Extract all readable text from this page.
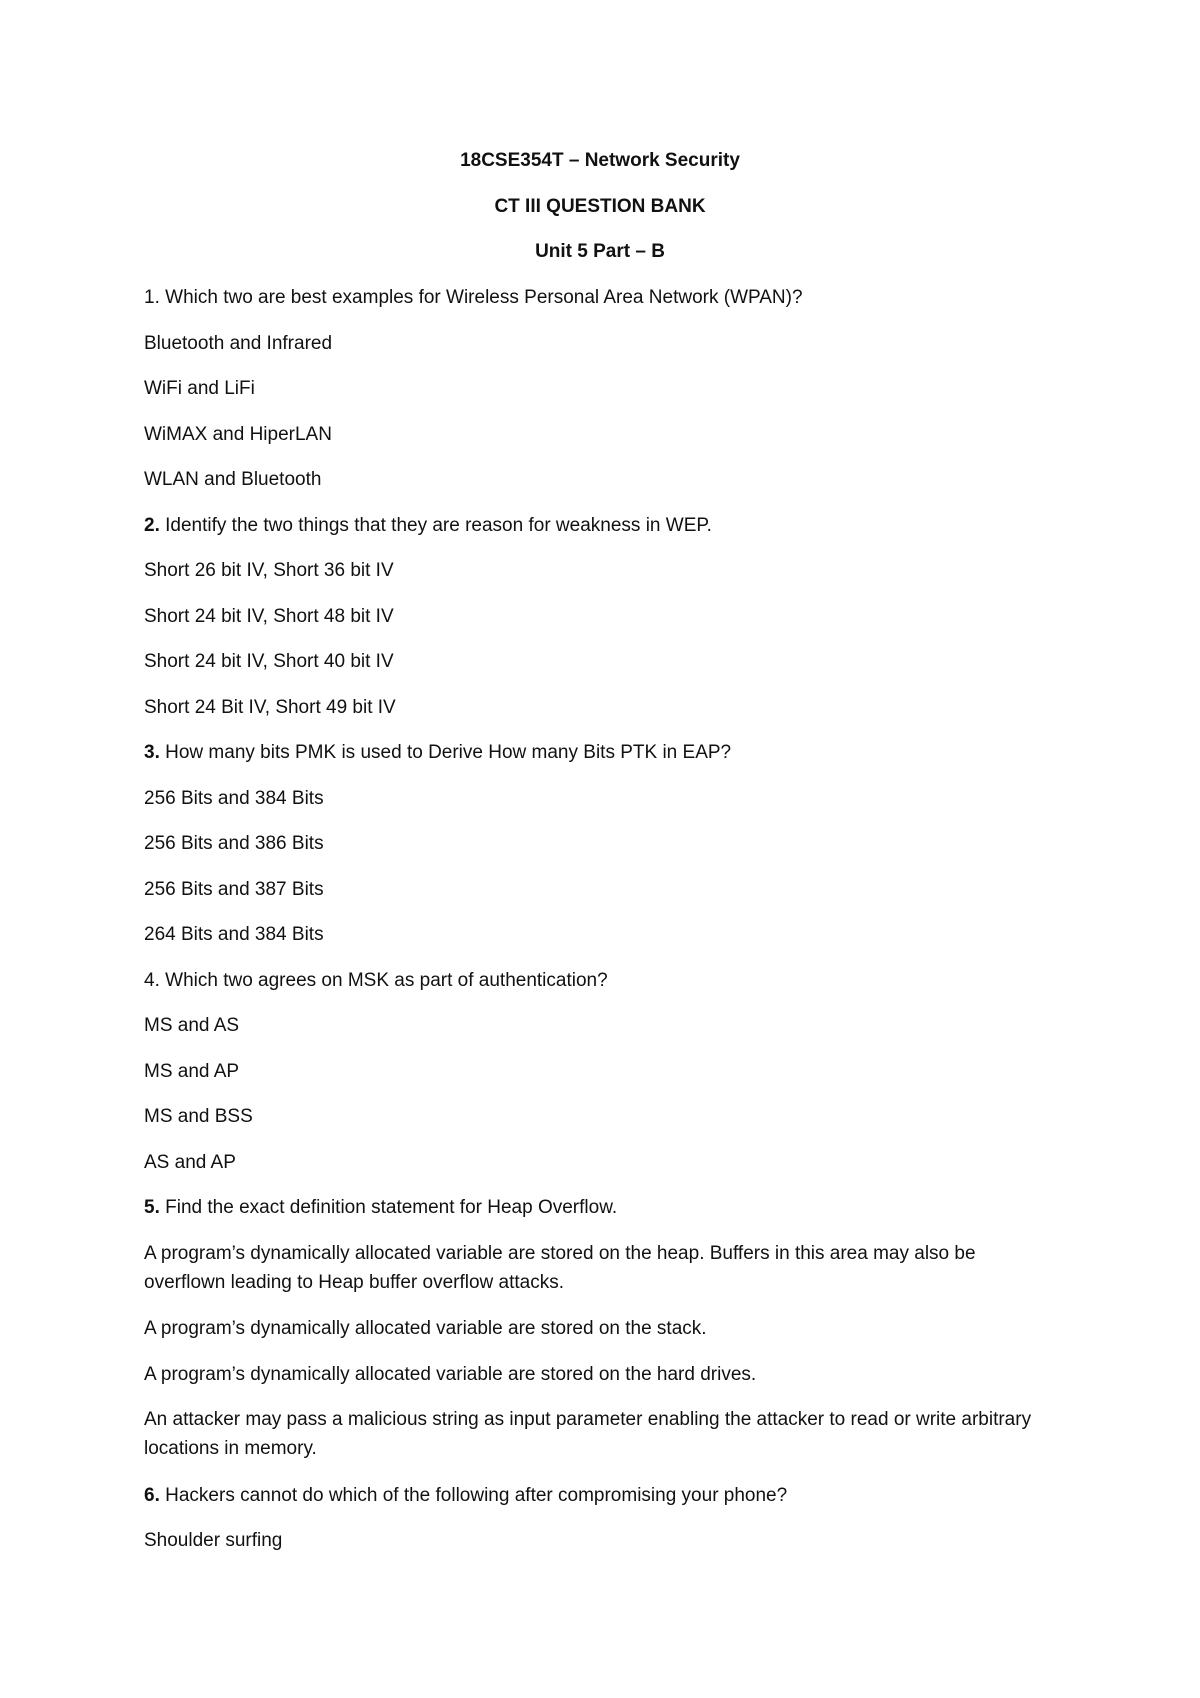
18CSE354T – Network Security

CT III QUESTION BANK

Unit 5 Part – B

1. Which two are best examples for Wireless Personal Area Network (WPAN)?

Bluetooth and Infrared

WiFi and LiFi

WiMAX and HiperLAN

WLAN and Bluetooth

2. Identify the two things that they are reason for weakness in WEP.

Short 26 bit IV, Short 36 bit IV

Short 24 bit IV, Short 48 bit IV

Short 24 bit IV, Short 40 bit IV

Short 24 Bit IV, Short 49 bit IV

3. How many bits PMK is used to Derive How many Bits PTK in EAP?

256 Bits and 384 Bits

256 Bits and 386 Bits

256 Bits and 387 Bits

264 Bits and 384 Bits

4. Which two agrees on MSK as part of authentication?

MS and AS

MS and AP

MS and BSS

AS and AP

5. Find the exact definition statement for Heap Overflow.

A program’s dynamically allocated variable are stored on the heap. Buffers in this area may also be overflown leading to Heap buffer overflow attacks.

A program’s dynamically allocated variable are stored on the stack.

A program’s dynamically allocated variable are stored on the hard drives.

An attacker may pass a malicious string as input parameter enabling the attacker to read or write arbitrary locations in memory.

6. Hackers cannot do which of the following after compromising your phone?

Shoulder surfing
